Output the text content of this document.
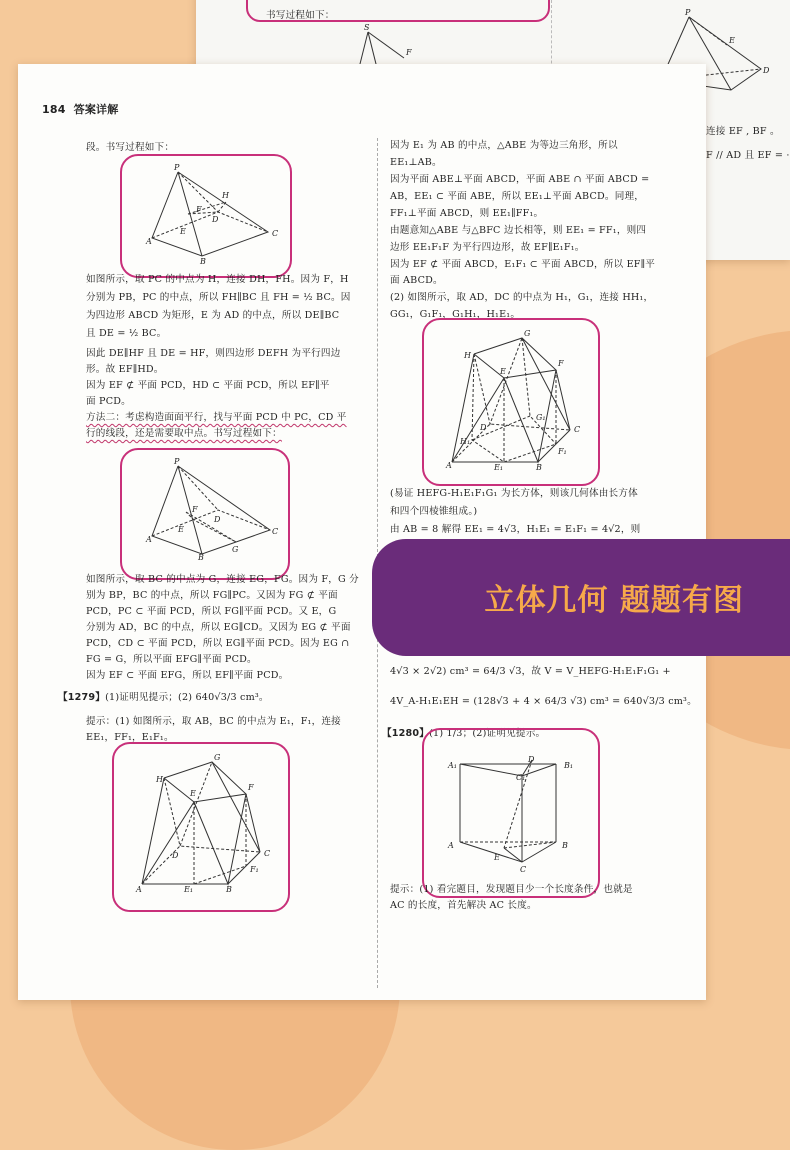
书写过程如下：
S
F
P
E
D
连接 EF , BF 。
F // AD 且 EF = ·
184 答案详解
段。书写过程如下：
P
H
F
E
D
A
B
C
如图所示，取 PC 的中点为 H，连接 DH，FH。因为 F，H
分别为 PB，PC 的中点，所以 FH∥BC 且 FH = ½ BC。因
为四边形 ABCD 为矩形，E 为 AD 的中点，所以 DE∥BC
且 DE = ½ BC。
因此 DE∥HF 且 DE = HF，则四边形 DEFH 为平行四边
形。故 EF∥HD。
因为 EF ⊄ 平面 PCD，HD ⊂ 平面 PCD，所以 EF∥平
面 PCD。
方法二：考虑构造面面平行，找与平面 PCD 中 PC，CD 平
行的线段，还是需要取中点。书写过程如下：
P
F
E
D
A
B
G
C
如图所示，取 BC 的中点为 G，连接 EG，FG。因为 F，G 分
别为 BP，BC 的中点，所以 FG∥PC。又因为 FG ⊄ 平面
PCD，PC ⊂ 平面 PCD，所以 FG∥平面 PCD。又 E，G
分别为 AD，BC 的中点，所以 EG∥CD。又因为 EG ⊄ 平面
PCD，CD ⊂ 平面 PCD，所以 EG∥平面 PCD。因为 EG ∩
FG = G，所以平面 EFG∥平面 PCD。
因为 EF ⊂ 平面 EFG，所以 EF∥平面 PCD。
【1279】(1)证明见提示；(2) 640√3/3 cm³。
提示：(1) 如图所示，取 AB，BC 的中点为 E₁，F₁，连接
EE₁，FF₁，E₁F₁。
G
H
F
E
D	C
F₁
A	E₁	B
因为 E₁ 为 AB 的中点，△ABE 为等边三角形，所以
EE₁⊥AB。
因为平面 ABE⊥平面 ABCD，平面 ABE ∩ 平面 ABCD =
AB，EE₁ ⊂ 平面 ABE，所以 EE₁⊥平面 ABCD。同理，
FF₁⊥平面 ABCD，则 EE₁∥FF₁。
由题意知△ABE 与△BFC 边长相等，则 EE₁ = FF₁，则四
边形 EE₁F₁F 为平行四边形，故 EF∥E₁F₁。
因为 EF ⊄ 平面 ABCD，E₁F₁ ⊂ 平面 ABCD，所以 EF∥平
面 ABCD。
(2) 如图所示，取 AD，DC 的中点为 H₁，G₁，连接 HH₁，
GG₁，G₁F₁，G₁H₁，H₁E₁。
G
H
F
E
D
G₁
H₁
C
F₁
A	E₁	B
(易证 HEFG-H₁E₁F₁G₁ 为长方体，则该几何体由长方体
和四个四棱锥组成。)
由 AB = 8 解得 EE₁ = 4√3，H₁E₁ = E₁F₁ = 4√2，则
4√3 × 2√2) cm³ = 64/3 √3，故 V = V_HEFG-H₁E₁F₁G₁ +
4V_A-H₁E₁EH = (128√3 + 4 × 64/3 √3) cm³ = 640√3/3 cm³。
【1280】(1) 1/3；(2)证明见提示。
D
A₁	B₁
C₁
A
E
C
B
提示：(1) 看完题目，发现题目少一个长度条件，也就是
AC 的长度，首先解决 AC 长度。
立体几何 题题有图
